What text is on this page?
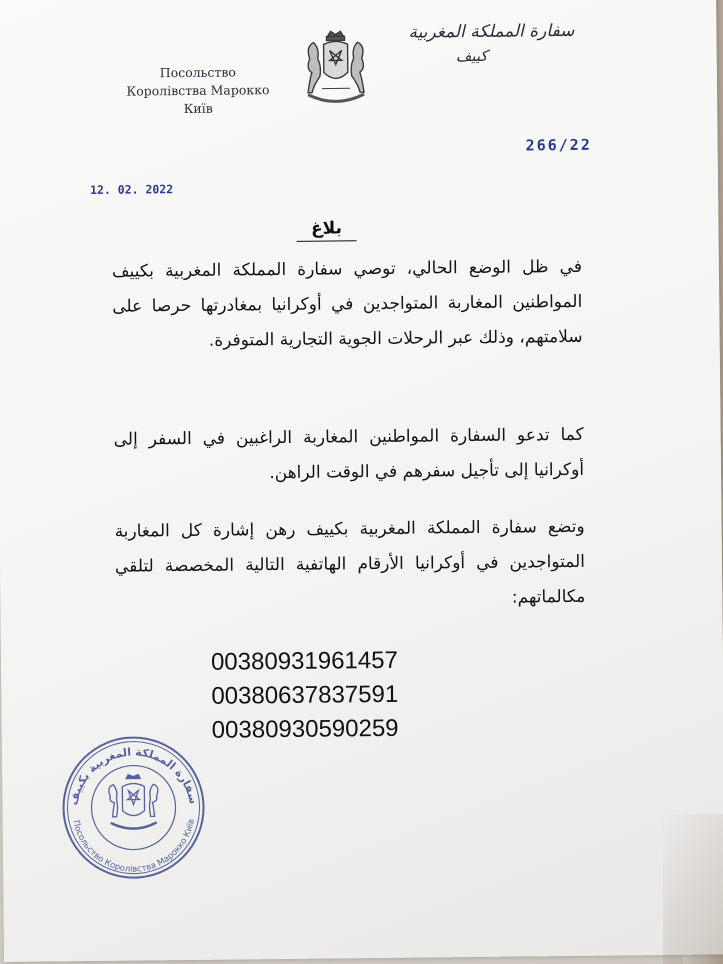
Посольство
Королівства Марокко
Київ
سفارة المملكة المغربية
كييف
266/22
12. 02. 2022
بلاغ
في ظل الوضع الحالي، توصي سفارة المملكة المغربية بكييف المواطنين المغاربة المتواجدين في أوكرانيا بمغادرتها حرصا على سلامتهم، وذلك عبر الرحلات الجوية التجارية المتوفرة.
كما تدعو السفارة المواطنين المغاربة الراغبين في السفر إلى أوكرانيا إلى تأجيل سفرهم في الوقت الراهن.
وتضع سفارة المملكة المغربية بكييف رهن إشارة كل المغاربة المتواجدين في أوكرانيا الأرقام الهاتفية التالية المخصصة لتلقي مكالماتهم:
00380931961457
00380637837591
00380930590259
سفارة المملكة المغربية بكييف
Посольство Королівства Марокко Київ
